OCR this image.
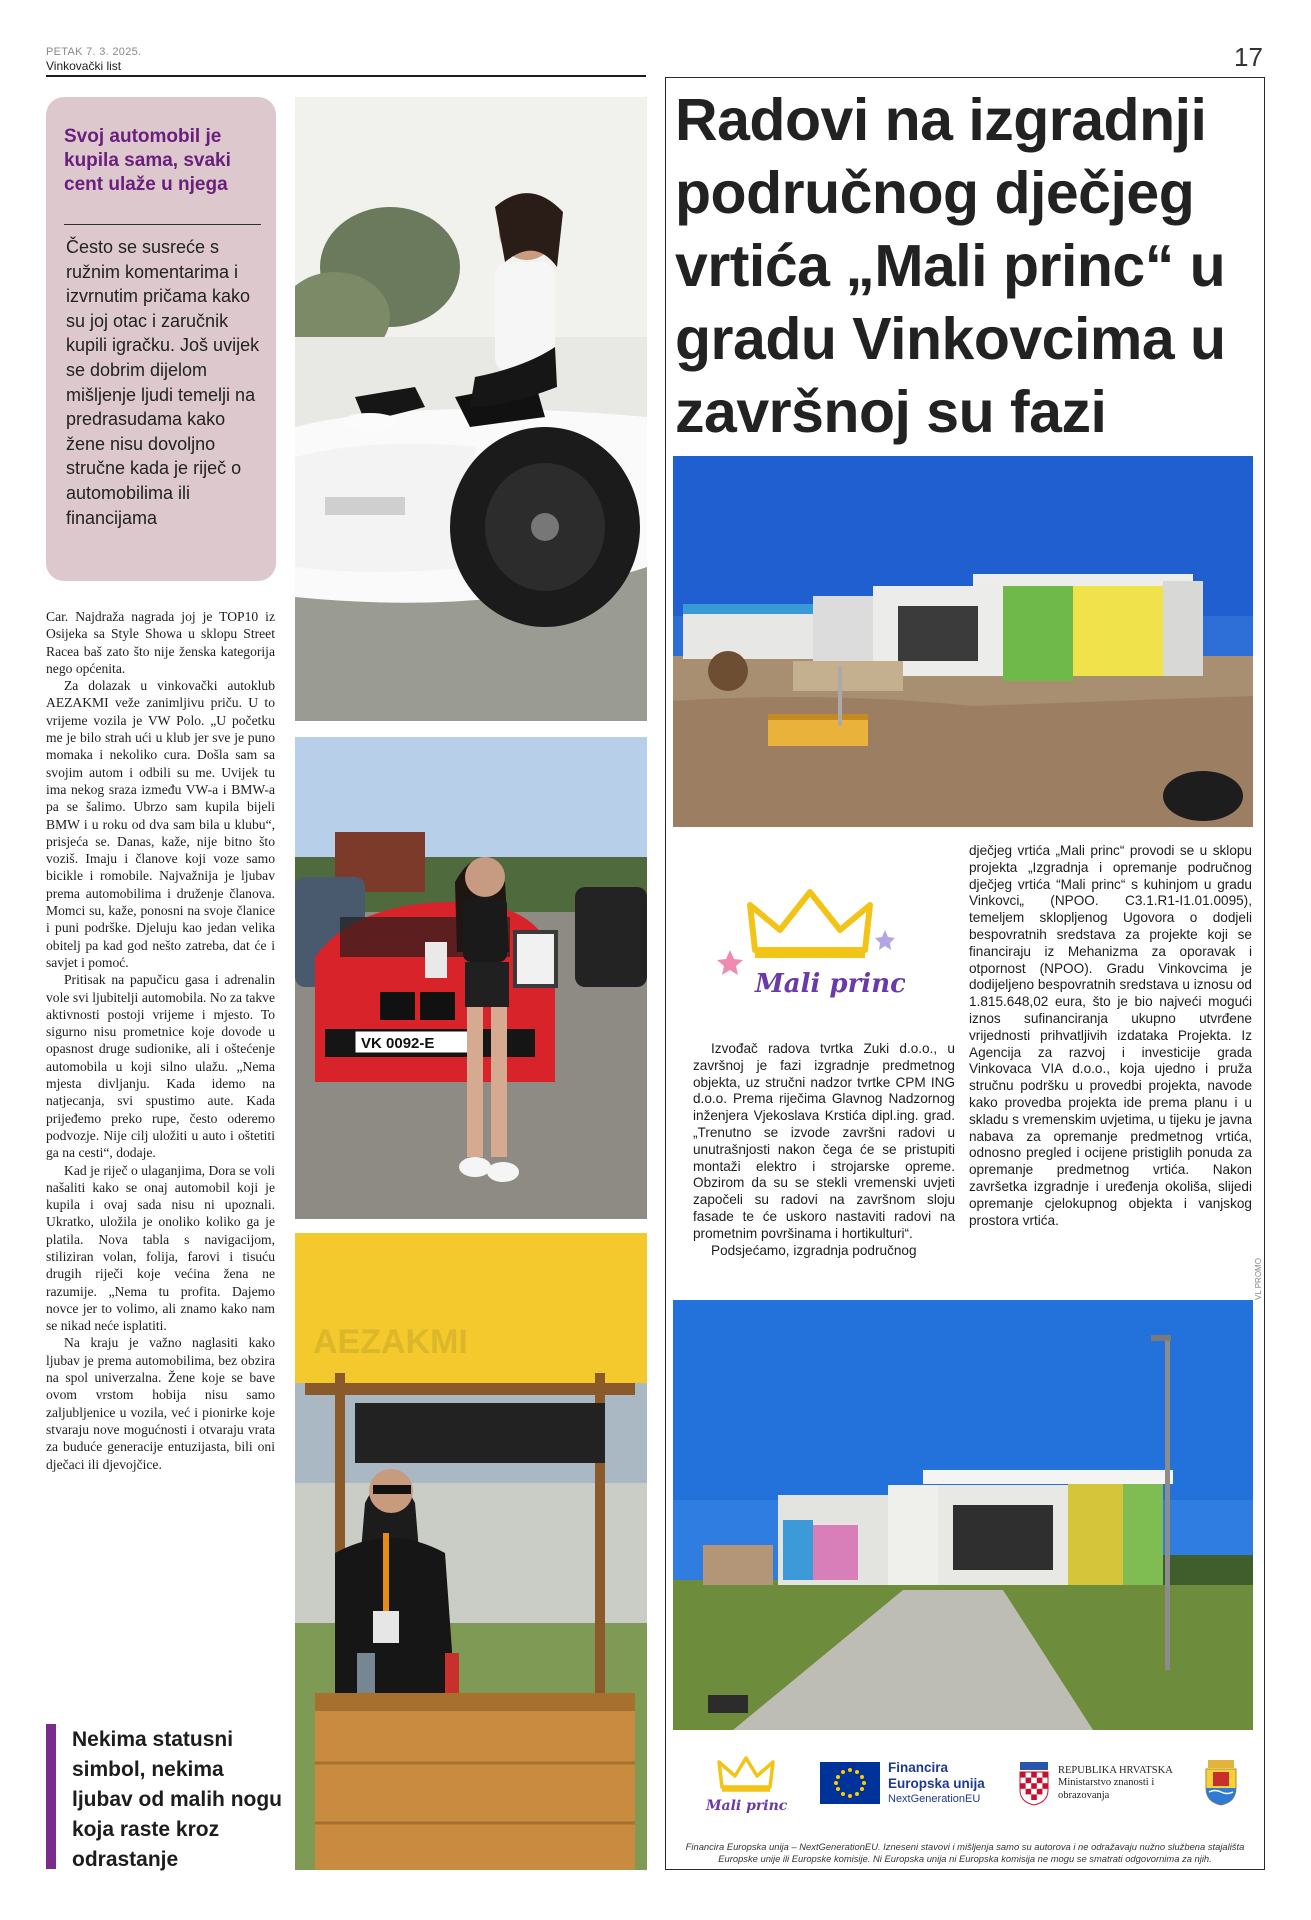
PETAK 7. 3. 2025.
Vinkovački list	17
Svoj automobil je kupila sama, svaki cent ulaže u njega
Često se susreće s ružnim komentarima i izvrnutim pričama kako su joj otac i zaručnik kupili igračku. Još uvijek se dobrim dijelom mišljenje ljudi temelji na predrasudama kako žene nisu dovoljno stručne kada je riječ o automobilima ili financijama

Car. Najdraža nagrada joj je TOP10 iz Osijeka sa Style Showa u sklopu Street Racea baš zato što nije ženska kategorija nego općenita.

Za dolazak u vinkovački autoklub AEZAKMI veže zanimljivu priču. U to vrijeme vozila je VW Polo. „U početku me je bilo strah ući u klub jer sve je puno momaka i nekoliko cura. Došla sam sa svojim autom i odbili su me. Uvijek tu ima nekog sraza između VW-a i BMW-a pa se šalimo. Ubrzo sam kupila bijeli BMW i u roku od dva sam bila u klubu“, prisjeća se. Danas, kaže, nije bitno što voziš. Imaju i članove koji voze samo bicikle i romobile. Najvažnija je ljubav prema automobilima i druženje članova. Momci su, kaže, ponosni na svoje članice i puni podrške. Djeluju kao jedan velika obitelj pa kad god nešto zatreba, dat će i savjet i pomoć.

Pritisak na papučicu gasa i adrenalin vole svi ljubitelji automobila. No za takve aktivnosti postoji vrijeme i mjesto. To sigurno nisu prometnice koje dovode u opasnost druge sudionike, ali i oštećenje automobila u koji silno ulažu. „Nema mjesta divljanju. Kada idemo na natjecanja, svi spustimo aute. Kada prijeđemo preko rupe, često oderemo podvozje. Nije cilj uložiti u auto i oštetiti ga na cesti“, dodaje.

Kad je riječ o ulaganjima, Dora se voli našaliti kako se onaj automobil koji je kupila i ovaj sada nisu ni upoznali. Ukratko, uložila je onoliko koliko ga je platila. Nova tabla s navigacijom, stiliziran volan, folija, farovi i tisuću drugih riječi koje većina žena ne razumije. „Nema tu profita. Dajemo novce jer to volimo, ali znamo kako nam se nikad neće isplatiti.

Na kraju je važno naglasiti kako ljubav je prema automobilima, bez obzira na spol univerzalna. Žene koje se bave ovom vrstom hobija nisu samo zaljubljenice u vozila, već i pionirke koje stvaraju nove mogućnosti i otvaraju vrata za buduće generacije entuzijasta, bili oni dječaci ili djevojčice.

Nekima statusni simbol, nekima ljubav od malih nogu koja raste kroz odrastanje
VK 0092-E
AEZAKMI
Radovi na izgradnji područnog dječjeg vrtića „Mali princ“ u gradu Vinkovcima u završnoj su fazi
Mali princ

Izvođač radova tvrtka Zuki d.o.o., u završnoj je fazi izgradnje predmetnog objekta, uz stručni nadzor tvrtke CPM ING d.o.o. Prema riječima Glavnog Nadzornog inženjera Vjekoslava Krstića dipl.ing. grad. „Trenutno se izvode završni radovi u unutrašnjosti nakon čega će se pristupiti montaži elektro i strojarske opreme. Obzirom da su se stekli vremenski uvjeti započeli su radovi na završnom sloju fasade te će uskoro nastaviti radovi na prometnim površinama i hortikulturi“.

Podsjećamo, izgradnja područnog

dječjeg vrtića „Mali princ“ provodi se u sklopu projekta „Izgradnja i opremanje područnog dječjeg vrtića “Mali princ“ s kuhinjom u gradu Vinkovci„ (NPOO. C3.1.R1-I1.01.0095), temeljem sklopljenog Ugovora o dodjeli bespovratnih sredstava za projekte koji se financiraju iz Mehanizma za oporavak i otpornost (NPOO). Gradu Vinkovcima je dodijeljeno bespovratnih sredstava u iznosu od 1.815.648,02 eura, što je bio najveći mogući iznos sufinanciranja ukupno utvrđene vrijednosti prihvatljivih izdataka Projekta. Iz Agencija za razvoj i investicije grada Vinkovaca VIA d.o.o., koja ujedno i pruža stručnu podršku u provedbi projekta, navode kako provedba projekta ide prema planu i u skladu s vremenskim uvjetima, u tijeku je javna nabava za opremanje predmetnog vrtića, odnosno pregled i ocijene pristiglih ponuda za opremanje predmetnog vrtića. Nakon završetka izgradnje i uređenja okoliša, slijedi opremanje cjelokupnog objekta i vanjskog prostora vrtića.

VL PROMO
Mali princ
Financira
Europska unija
NextGenerationEU
REPUBLIKA HRVATSKA
Ministarstvo znanosti i
obrazovanja
Financira Europska unija – NextGenerationEU. Izneseni stavovi i mišljenja samo su autorova i ne odražavaju nužno službena stajališta Europske unije ili Europske komisije. Ni Europska unija ni Europska komisija ne mogu se smatrati odgovornima za njih.
